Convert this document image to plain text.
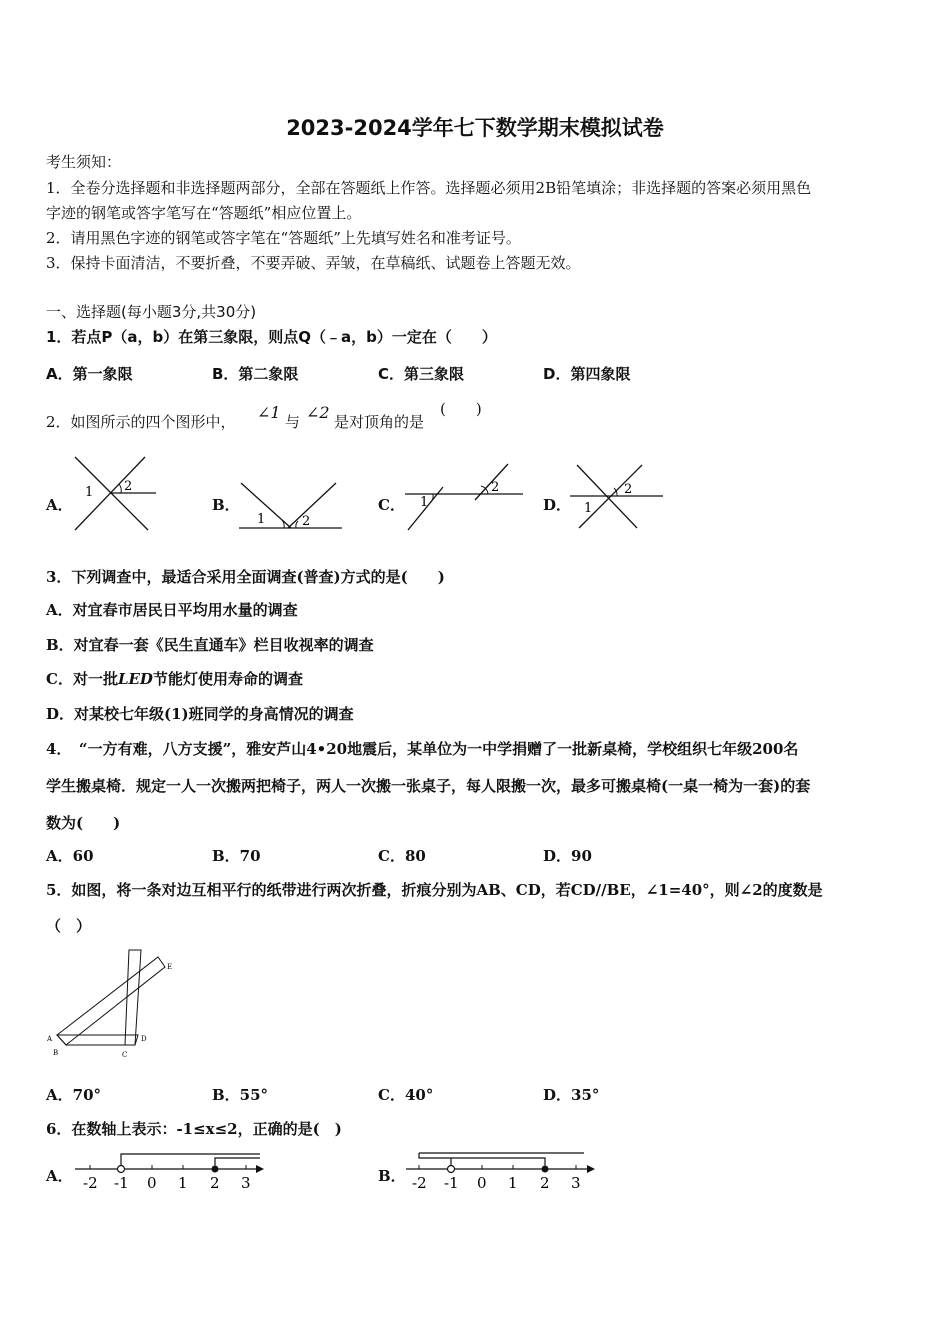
2023-2024学年七下数学期末模拟试卷
考生须知：
1．全卷分选择题和非选择题两部分，全部在答题纸上作答。选择题必须用2B铅笔填涂；非选择题的答案必须用黑色
字迹的钢笔或答字笔写在“答题纸”相应位置上。
2．请用黑色字迹的钢笔或答字笔在“答题纸”上先填写姓名和准考证号。
3．保持卡面清洁，不要折叠，不要弄破、弄皱，在草稿纸、试题卷上答题无效。
一、选择题(每小题3分,共30分)
1．若点P（a，b）在第三象限，则点Q（﹣a，b）一定在（　　）
A．第一象限	B．第二象限	C．第三象限	D．第四象限
2．如图所示的四个图形中， ∠1 与 ∠2 是对顶角的是
(　　)
A．	B．	C．	D．
1 2
1	2
1
2
1
2
3．下列调查中，最适合采用全面调查(普查)方式的是(　　)
A．对宜春市居民日平均用水量的调查
B．对宜春一套《民生直通车》栏目收视率的调查
C．对一批LED节能灯使用寿命的调查
D．对某校七年级(1)班同学的身高情况的调查
4．　“一方有难，八方支援”，雅安芦山4•20地震后，某单位为一中学捐赠了一批新桌椅，学校组织七年级200名
学生搬桌椅．规定一人一次搬两把椅子，两人一次搬一张桌子，每人限搬一次，最多可搬桌椅(一桌一椅为一套)的套
数为(　　)
A．60	B．70	C．80	D．90
5．如图，将一条对边互相平行的纸带进行两次折叠，折痕分别为AB、CD，若CD//BE，∠1=40°，则∠2的度数是
（　）
A
B	C
D
E
A．70°	B．55°	C．40°	D．35°
6．在数轴上表示：-1≤x≤2，正确的是(　)
A．	B．
-2 -1 0 1 2 3	-2 -1 0 1 2 3
